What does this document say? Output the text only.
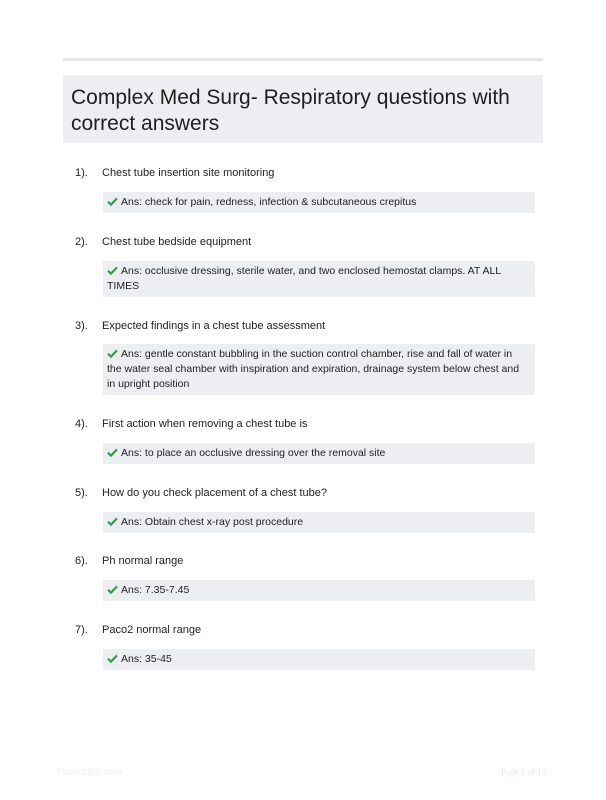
Complex Med Surg- Respiratory questions with correct answers
1). Chest tube insertion site monitoring
Ans: check for pain, redness, infection & subcutaneous crepitus
2). Chest tube bedside equipment
Ans: occlusive dressing, sterile water, and two enclosed hemostat clamps. AT ALL TIMES
3). Expected findings in a chest tube assessment
Ans: gentle constant bubbling in the suction control chamber, rise and fall of water in the water seal chamber with inspiration and expiration, drainage system below chest and in upright position
4). First action when removing a chest tube is
Ans: to place an occlusive dressing over the removal site
5). How do you check placement of a chest tube?
Ans: Obtain chest x-ray post procedure
6). Ph normal range
Ans: 7.35-7.45
7). Paco2 normal range
Ans: 35-45
PaperStBic.com	Page 1 of 13
